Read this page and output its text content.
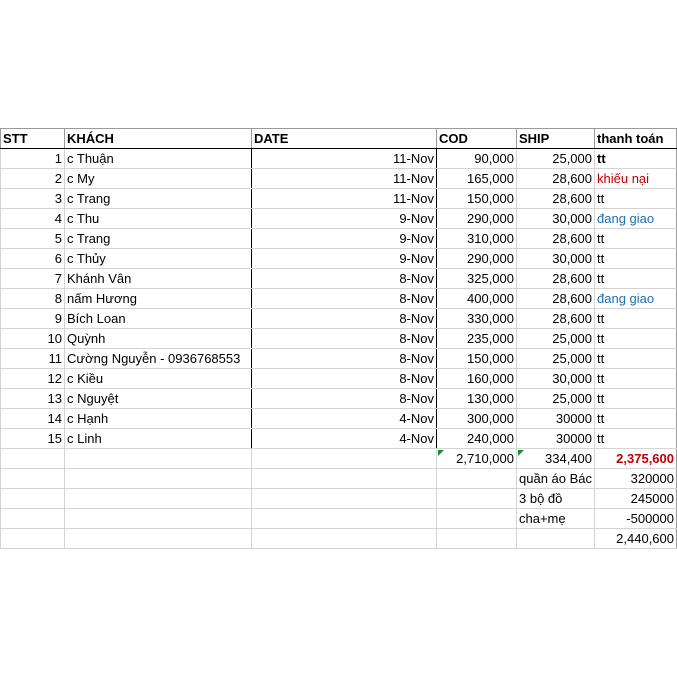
STT	KHÁCH	DATE	COD	SHIP	thanh toán
1	c Thuận	11-Nov	90,000	25,000	tt
2	c My	11-Nov	165,000	28,600	khiếu nại
3	c Trang	11-Nov	150,000	28,600	tt
4	c Thu	9-Nov	290,000	30,000	đang giao
5	c Trang	9-Nov	310,000	28,600	tt
6	c Thủy	9-Nov	290,000	30,000	tt
7	Khánh Vân	8-Nov	325,000	28,600	tt
8	nấm Hương	8-Nov	400,000	28,600	đang giao
9	Bích Loan	8-Nov	330,000	28,600	tt
10	Quỳnh	8-Nov	235,000	25,000	tt
11	Cường Nguyễn - 0936768553	8-Nov	150,000	25,000	tt
12	c Kiều	8-Nov	160,000	30,000	tt
13	c Nguyệt	8-Nov	130,000	25,000	tt
14	c Hạnh	4-Nov	300,000	30000	tt
15	c Linh	4-Nov	240,000	30000	tt
			2,710,000	334,400	2,375,600
				quần áo Bác	320000
				3 bộ đồ	245000
				cha+mẹ	-500000
					2,440,600
